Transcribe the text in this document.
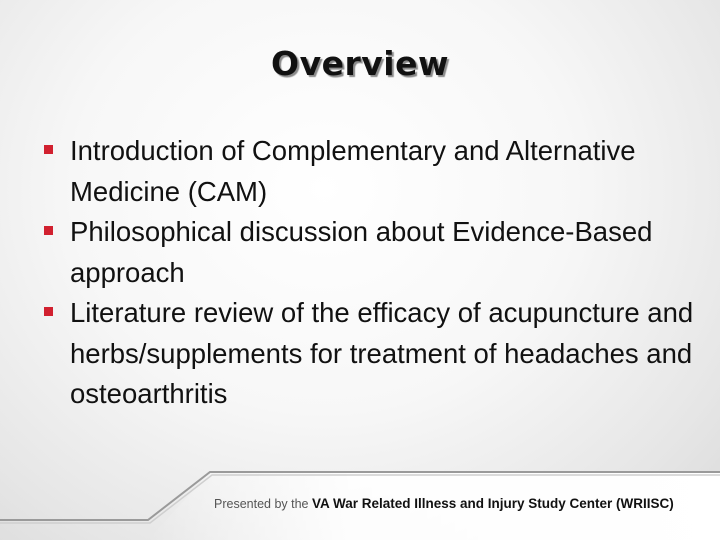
Overview
Introduction of Complementary and Alternative Medicine (CAM)
Philosophical discussion about Evidence-Based approach
Literature review of the efficacy of acupuncture and herbs/supplements for treatment of headaches and osteoarthritis
Presented by the VA War Related Illness and Injury Study Center (WRIISC)
